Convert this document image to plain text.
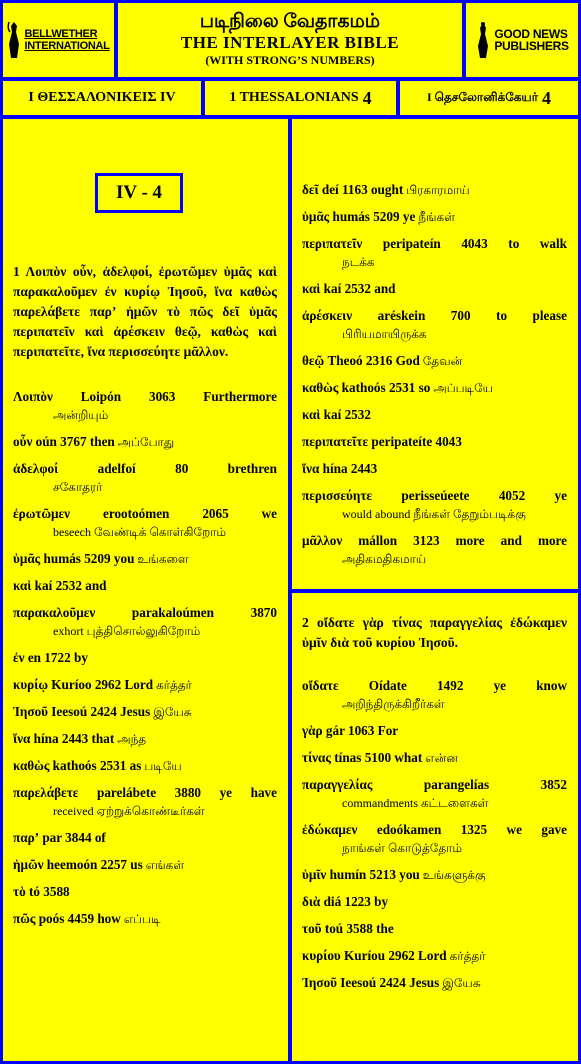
BELLWETHER
INTERNATIONAL
படிநிலை வேதாகமம்
THE INTERLAYER BIBLE
(WITH STRONG’S NUMBERS)
GOOD NEWS
PUBLISHERS
I ΘΕΣΣΑΛΟΝΙΚΕΙΣ IV	1 THESSALONIANS 4	I தெசலோனிக்கேயர் 4
IV - 4
1 Λοιπὸν οὖν, ἀδελφοί, ἐρωτῶμεν ὑμᾶς καὶ παρακαλοῦμεν ἐν κυρίῳ Ἰησοῦ, ἵνα καθὼς παρελάβετε παρʼ ἡμῶν τὸ πῶς δεῖ ὑμᾶς περιπατεῖν καὶ ἀρέσκειν θεῷ, καθὼς καὶ περιπατεῖτε, ἵνα περισσεύητε μᾶλλον.
Λοιπὸν Loipón 3063 Furthermore
அன்றியும்
οὖν oún 3767 then அப்போது
ἀδελφοί adelfoí 80 brethren
சகோதரர்
ἐρωτῶμεν erootoómen 2065 we
beseech வேண்டிக் கொள்கிறோம்
ὑμᾶς humás 5209 you உங்களை
καὶ kaí 2532 and
παρακαλοῦμεν parakaloúmen 3870
exhort புத்திசொல்லுகிறோம்
ἐν en 1722 by
κυρίῳ Kuríoo 2962 Lord கர்த்தர்
Ἰησοῦ Ieesoú 2424 Jesus இயேசு
ἵνα hína 2443 that அந்த
καθὼς kathoós 2531 as படியே
παρελάβετε parelábete 3880 ye have
received ஏற்றுக்கொண்டீர்கள்
παρʼ par 3844 of
ἡμῶν heemoón 2257 us எங்கள்
τὸ tó 3588
πῶς poós 4459 how எப்படி
δεῖ deí 1163 ought பிரகாரமாய்
ὑμᾶς humás 5209 ye நீங்கள்
περιπατεῖν peripateín 4043 to walk
நடக்க
καὶ kaí 2532 and
ἀρέσκειν aréskein 700 to please
பிரியமாயிருக்க
θεῷ Theoó 2316 God தேவன்
καθὼς kathoós 2531 so அப்படியே
καὶ kaí 2532
περιπατεῖτε peripateíte 4043
ἵνα hína 2443
περισσεύητε perisseúeete 4052 ye
would abound நீங்கள் தேறும்படிக்கு
μᾶλλον mállon 3123 more and more
அதிகமதிகமாய்
2 οἴδατε γὰρ τίνας παραγγελίας ἐδώκαμεν ὑμῖν διὰ τοῦ κυρίου Ἰησοῦ.
οἴδατε Oídate 1492 ye know
அறிந்திருக்கிறீர்கள்
γὰρ gár 1063 For
τίνας tínas 5100 what என்ன
παραγγελίας parangelías 3852
commandments கட்டளைகள்
ἐδώκαμεν edoókamen 1325 we gave
நாங்கள் கொடுத்தோம்
ὑμῖν humín 5213 you உங்களுக்கு
διὰ diá 1223 by
τοῦ toú 3588 the
κυρίου Kuríou 2962 Lord கர்த்தர்
Ἰησοῦ Ieesoú 2424 Jesus இயேசு
